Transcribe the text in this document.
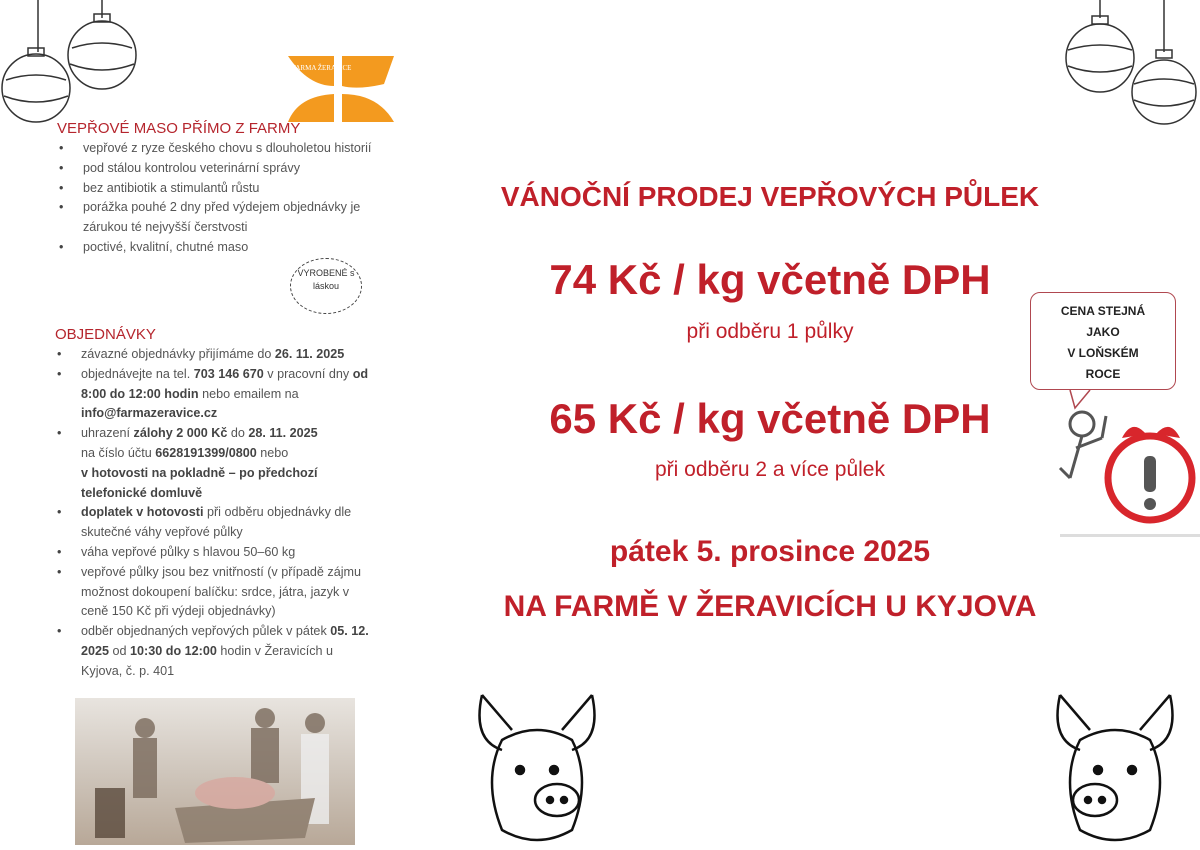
FARMA ŽERAVICE
VYROBENÉ s láskou
VEPŘOVÉ MASO PŘÍMO Z FARMY
• vepřové z ryze českého chovu s dlouholetou historií
• pod stálou kontrolou veterinární správy
• bez antibiotik a stimulantů růstu
• porážka pouhé 2 dny před výdejem objednávky je zárukou té nejvyšší čerstvosti
• poctivé, kvalitní, chutné maso
OBJEDNÁVKY
• závazné objednávky přijímáme do 26. 11. 2025
• objednávejte na tel. 703 146 670 v pracovní dny od 8:00 do 12:00 hodin nebo emailem na info@farmazeravice.cz
• uhrazení zálohy 2 000 Kč do 28. 11. 2025
na číslo účtu 6628191399/0800 nebo
v hotovosti na pokladně – po předchozí telefonické domluvě
• doplatek v hotovosti při odběru objednávky dle skutečné váhy vepřové půlky
• váha vepřové půlky s hlavou 50–60 kg
• vepřové půlky jsou bez vnitřností (v případě zájmu možnost dokoupení balíčku: srdce, játra, jazyk v ceně 150 Kč při výdeji objednávky)
• odběr objednaných vepřových půlek v pátek 05. 12. 2025 od 10:30 do 12:00 hodin v Žeravicích u Kyjova, č. p. 401
VÁNOČNÍ PRODEJ VEPŘOVÝCH PŮLEK
74 Kč / kg včetně DPH
při odběru 1 půlky
65 Kč / kg včetně DPH
při odběru 2 a více půlek
pátek 5. prosince 2025
NA FARMĚ V ŽERAVICÍCH U KYJOVA
CENA STEJNÁ
JAKO
V LOŇSKÉM
ROCE
